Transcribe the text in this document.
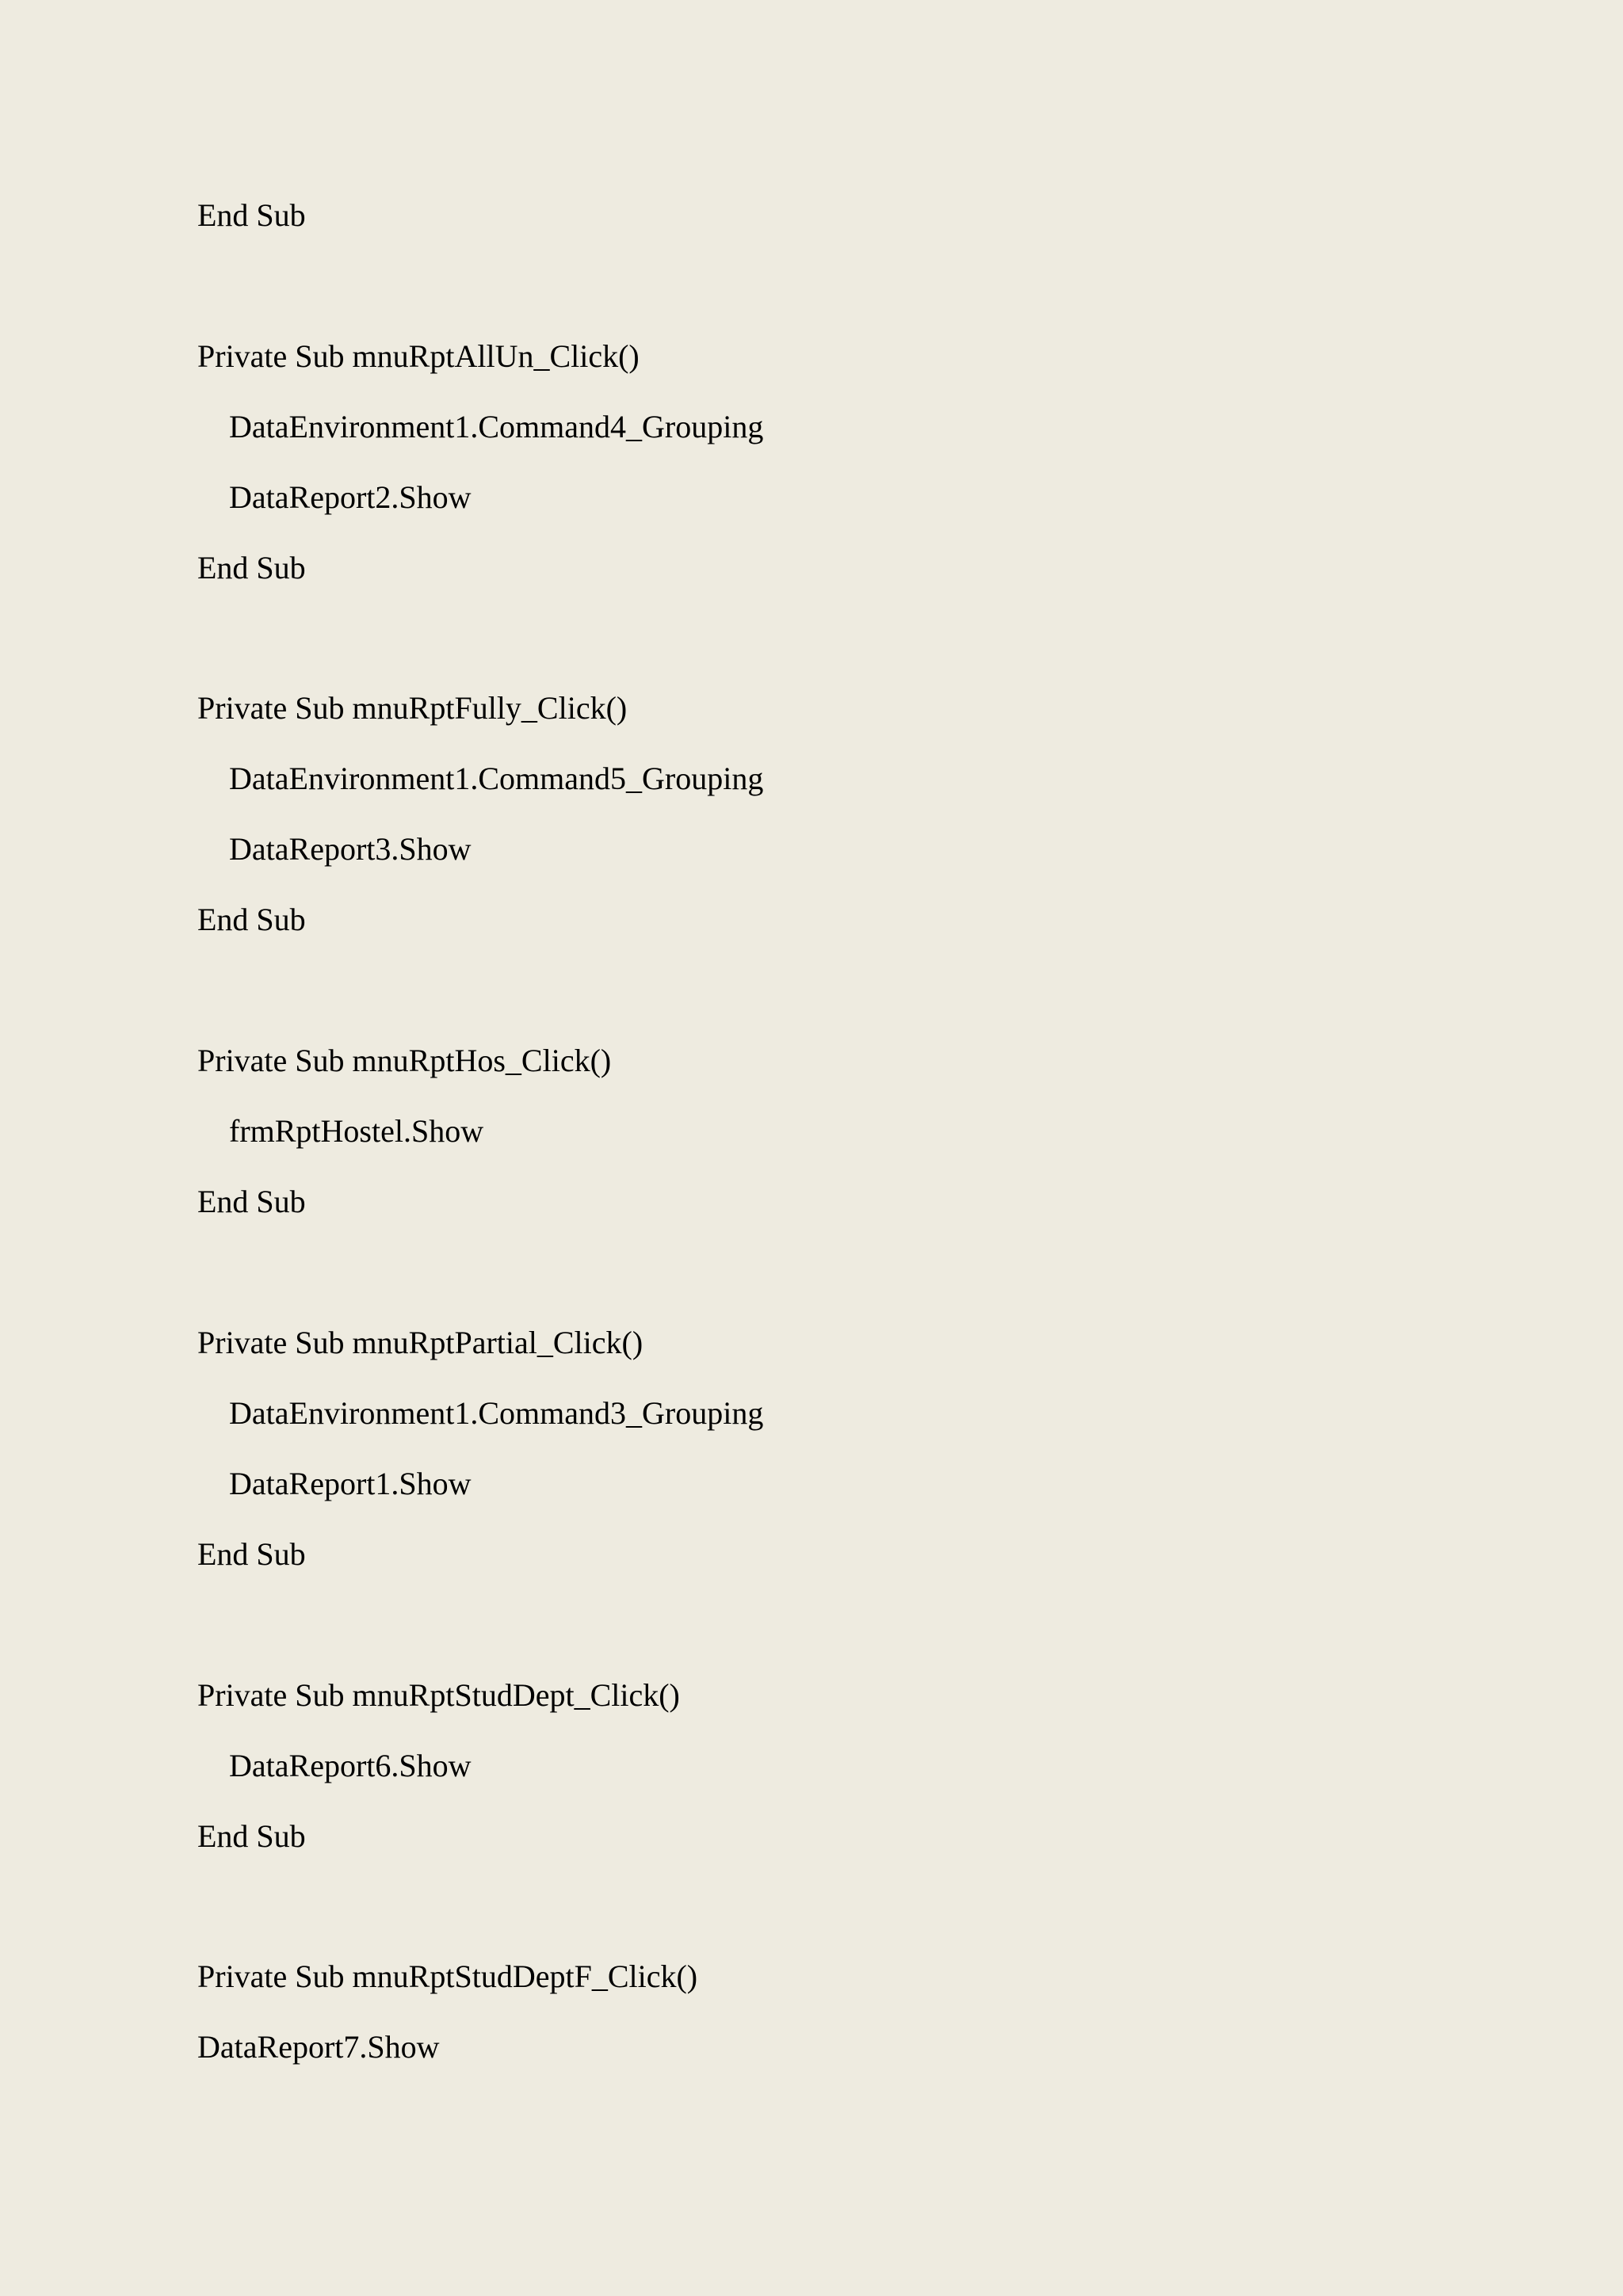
End Sub

Private Sub mnuRptAllUn_Click()

DataEnvironment1.Command4_Grouping

DataReport2.Show

End Sub

Private Sub mnuRptFully_Click()

DataEnvironment1.Command5_Grouping

DataReport3.Show

End Sub

Private Sub mnuRptHos_Click()

frmRptHostel.Show

End Sub

Private Sub mnuRptPartial_Click()

DataEnvironment1.Command3_Grouping

DataReport1.Show

End Sub

Private Sub mnuRptStudDept_Click()

DataReport6.Show

End Sub

Private Sub mnuRptStudDeptF_Click()

DataReport7.Show
